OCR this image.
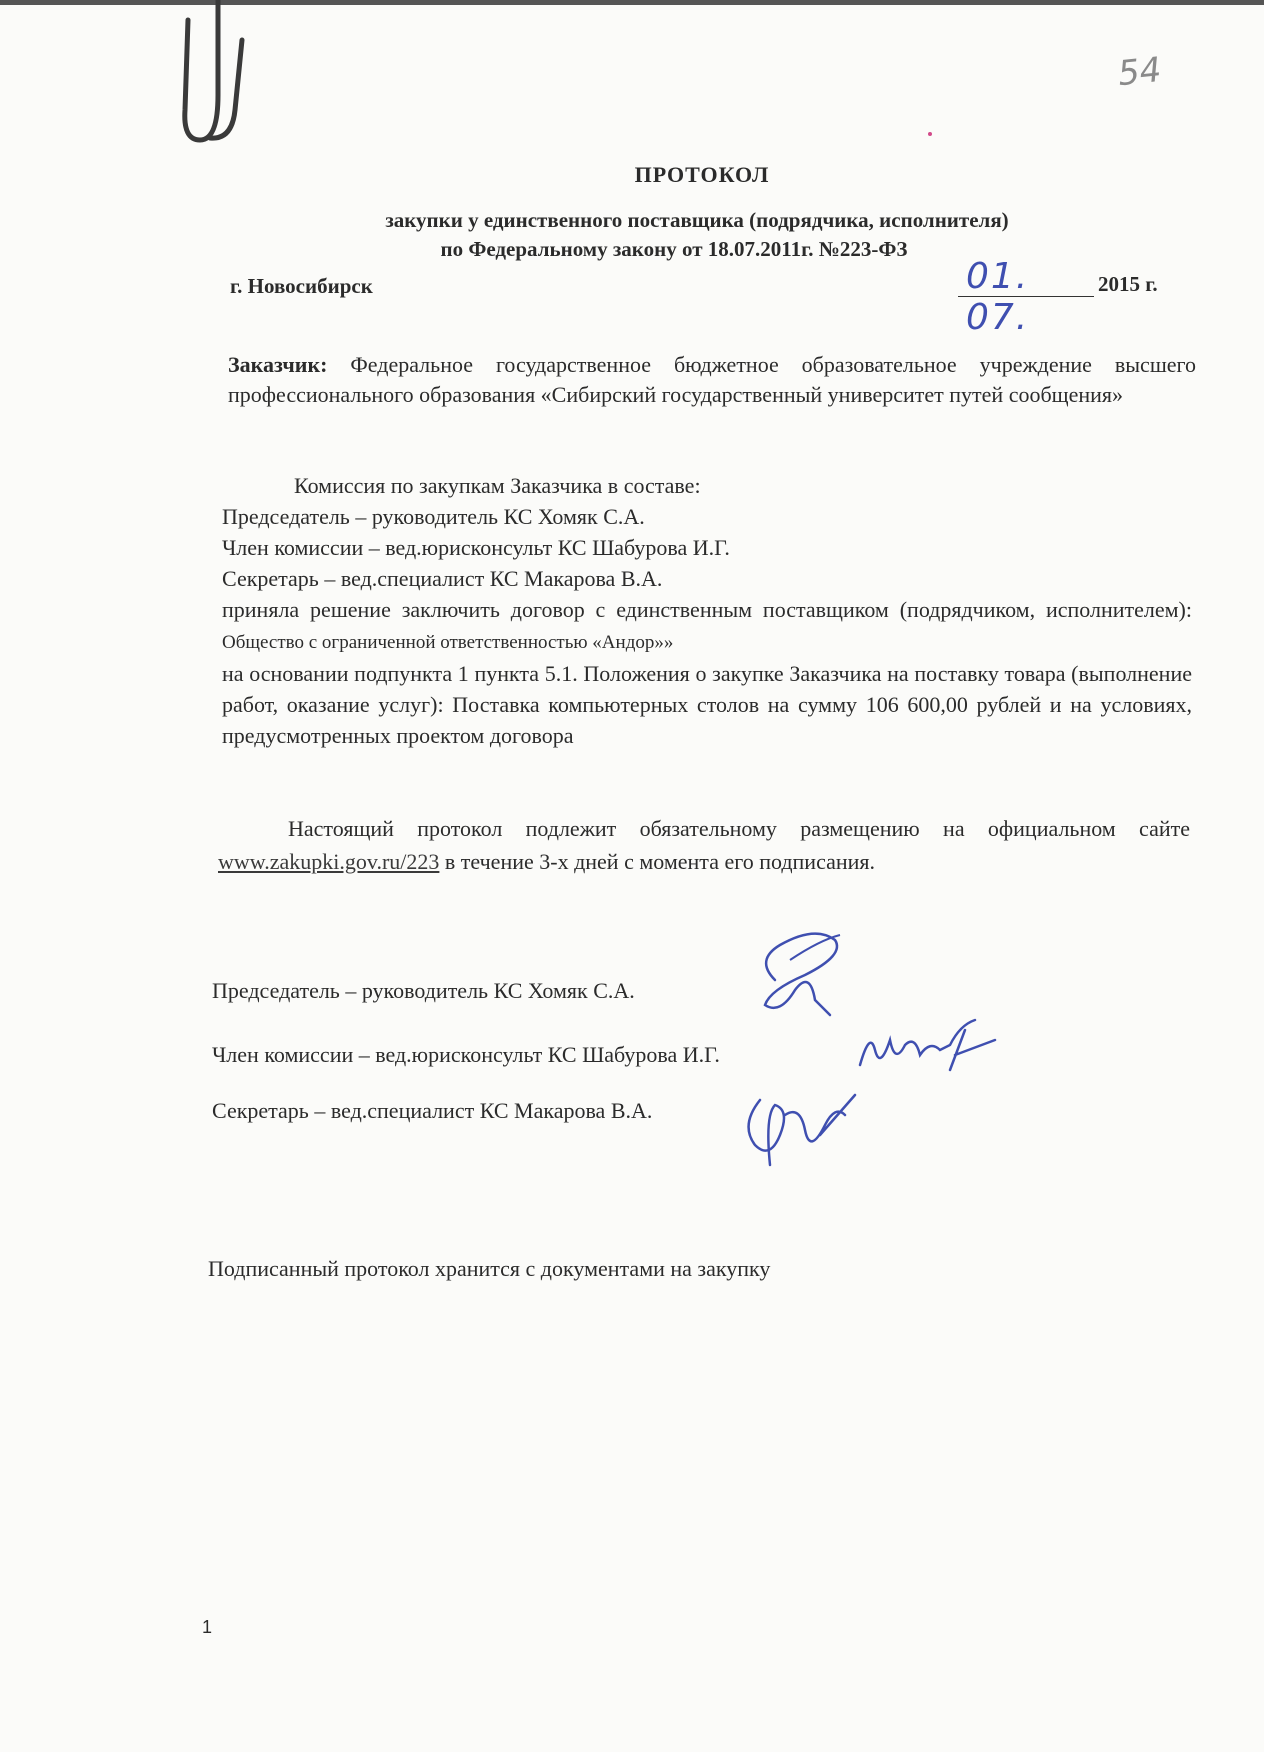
54
ПРОТОКОЛ
закупки у единственного поставщика (подрядчика, исполнителя)
по Федеральному закону от 18.07.2011г. №223-ФЗ
г. Новосибирск	01. 07.
2015 г.

Заказчик: Федеральное государственное бюджетное образовательное учреждение высшего профессионального образования «Сибирский государственный университет путей сообщения»

Комиссия по закупкам Заказчика в составе:
Председатель – руководитель КС Хомяк С.А.
Член комиссии – вед.юрисконсульт КС Шабурова И.Г.
Секретарь – вед.специалист КС Макарова В.А.
приняла решение заключить договор с единственным поставщиком (подрядчиком, исполнителем): Общество с ограниченной ответственностью «Андор»»
на основании подпункта 1 пункта 5.1. Положения о закупке Заказчика на поставку товара (выполнение работ, оказание услуг): Поставка компьютерных столов на сумму 106 600,00 рублей и на условиях, предусмотренных проектом договора

Настоящий протокол подлежит обязательному размещению на официальном сайте www.zakupki.gov.ru/223 в течение 3-х дней с момента его подписания.

Председатель – руководитель КС Хомяк С.А.
Член комиссии – вед.юрисконсульт КС Шабурова И.Г.
Секретарь – вед.специалист КС Макарова В.А.
Подписанный протокол хранится с документами на закупку
1
